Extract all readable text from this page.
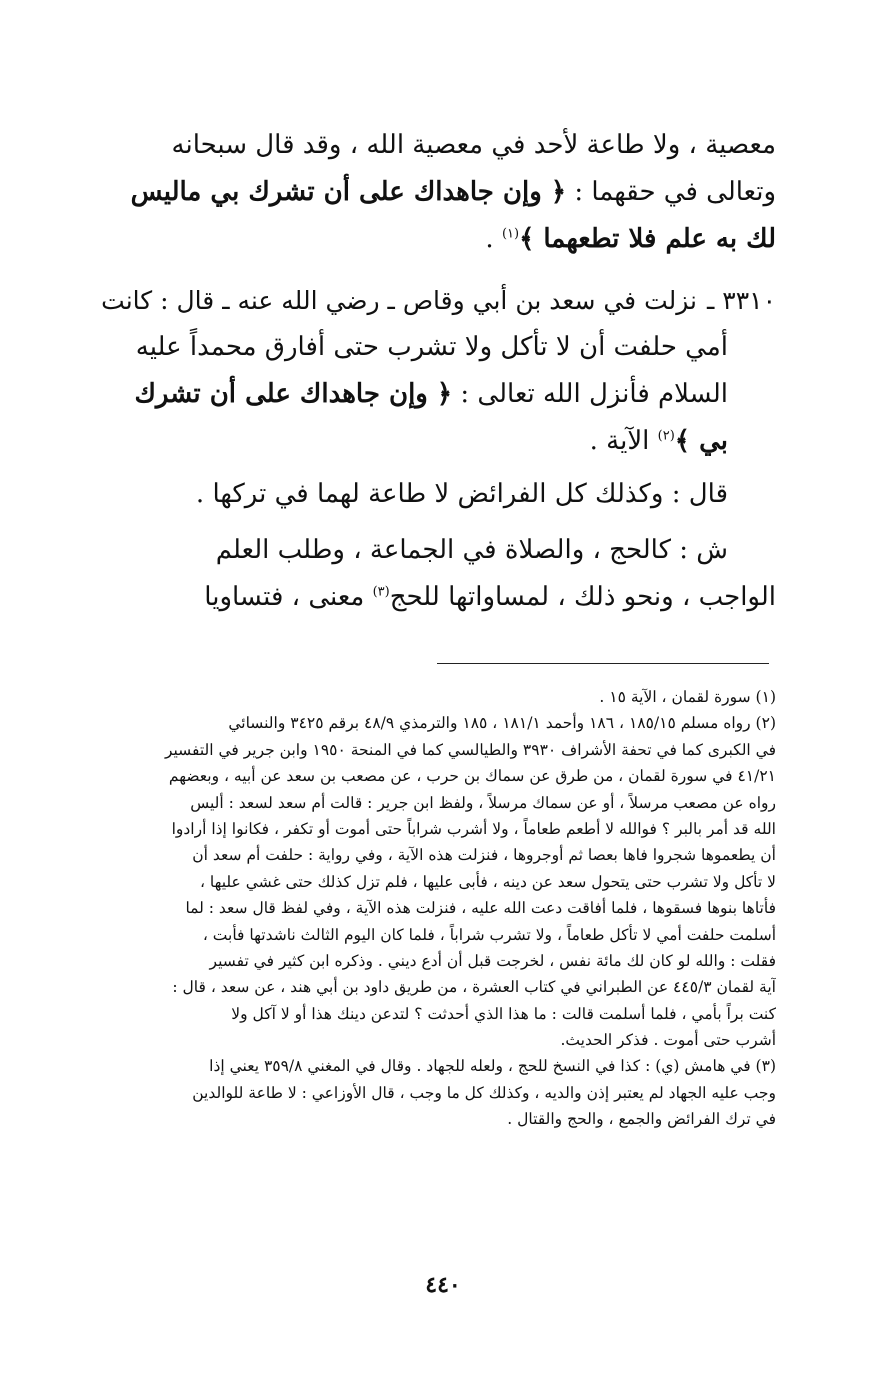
معصية ، ولا طاعة لأحد في معصية الله ، وقد قال سبحانه
وتعالى في حقهما : ﴿ وإن جاهداك على أن تشرك بي ماليس
لك به علم فلا تطعهما ﴾$^{(١)}$ .
٣٣١٠ ـنزلت في سعد بن أبي وقاص ـ رضي الله عنه ـ قال : كانت
أمي حلفت أن لا تأكل ولا تشرب حتى أفارق محمداً عليه
السلام فأنزل الله تعالى : ﴿ وإن جاهداك على أن تشرك
بي ﴾$^{(٢)}$ الآية .
قال : وكذلك كل الفرائض لا طاعة لهما في تركها .
ش : كالحج ، والصلاة في الجماعة ، وطلب العلم
الواجب ، ونحو ذلك ، لمساواتها للحج$^{(٣)}$ معنى ، فتساويا
(١) سورة لقمان ، الآية ١٥ .
(٢) رواه مسلم ١٨٥/١٥ ، ١٨٦ وأحمد ١٨١/١ ، ١٨٥ والترمذي ٤٨/٩ برقم ٣٤٢٥ والنسائي
في الكبرى كما في تحفة الأشراف ٣٩٣٠ والطيالسي كما في المنحة ١٩٥٠ وابن جرير في التفسير
٤١/٢١ في سورة لقمان ، من طرق عن سماك بن حرب ، عن مصعب بن سعد عن أبيه ، وبعضهم
رواه عن مصعب مرسلاً ، أو عن سماك مرسلاً ، ولفظ ابن جرير : قالت أم سعد لسعد : أليس
الله قد أمر بالبر ؟ فوالله لا أطعم طعاماً ، ولا أشرب شراباً حتى أموت أو تكفر ، فكانوا إذا أرادوا
أن يطعموها شجروا فاها بعصا ثم أوجروها ، فنزلت هذه الآية ، وفي رواية : حلفت أم سعد أن
لا تأكل ولا تشرب حتى يتحول سعد عن دينه ، فأبى عليها ، فلم تزل كذلك حتى غشي عليها ،
فأتاها بنوها فسقوها ، فلما أفاقت دعت الله عليه ، فنزلت هذه الآية ، وفي لفظ قال سعد : لما
أسلمت حلفت أمي لا تأكل طعاماً ، ولا تشرب شراباً ، فلما كان اليوم الثالث ناشدتها فأبت ،
فقلت : والله لو كان لك مائة نفس ، لخرجت قبل أن أدع ديني . وذكره ابن كثير في تفسير
آية لقمان ٤٤٥/٣ عن الطبراني في كتاب العشرة ، من طريق داود بن أبي هند ، عن سعد ، قال :
كنت براً بأمي ، فلما أسلمت قالت : ما هذا الذي أحدثت ؟ لتدعن دينك هذا أو لا آكل ولا
أشرب حتى أموت . فذكر الحديث.
(٣) في هامش (ي) : كذا في النسخ للحج ، ولعله للجهاد . وقال في المغني ٣٥٩/٨ يعني إذا
وجب عليه الجهاد لم يعتبر إذن والديه ، وكذلك كل ما وجب ، قال الأوزاعي : لا طاعة للوالدين
في ترك الفرائض والجمع ، والحج والقتال .
٤٤٠
